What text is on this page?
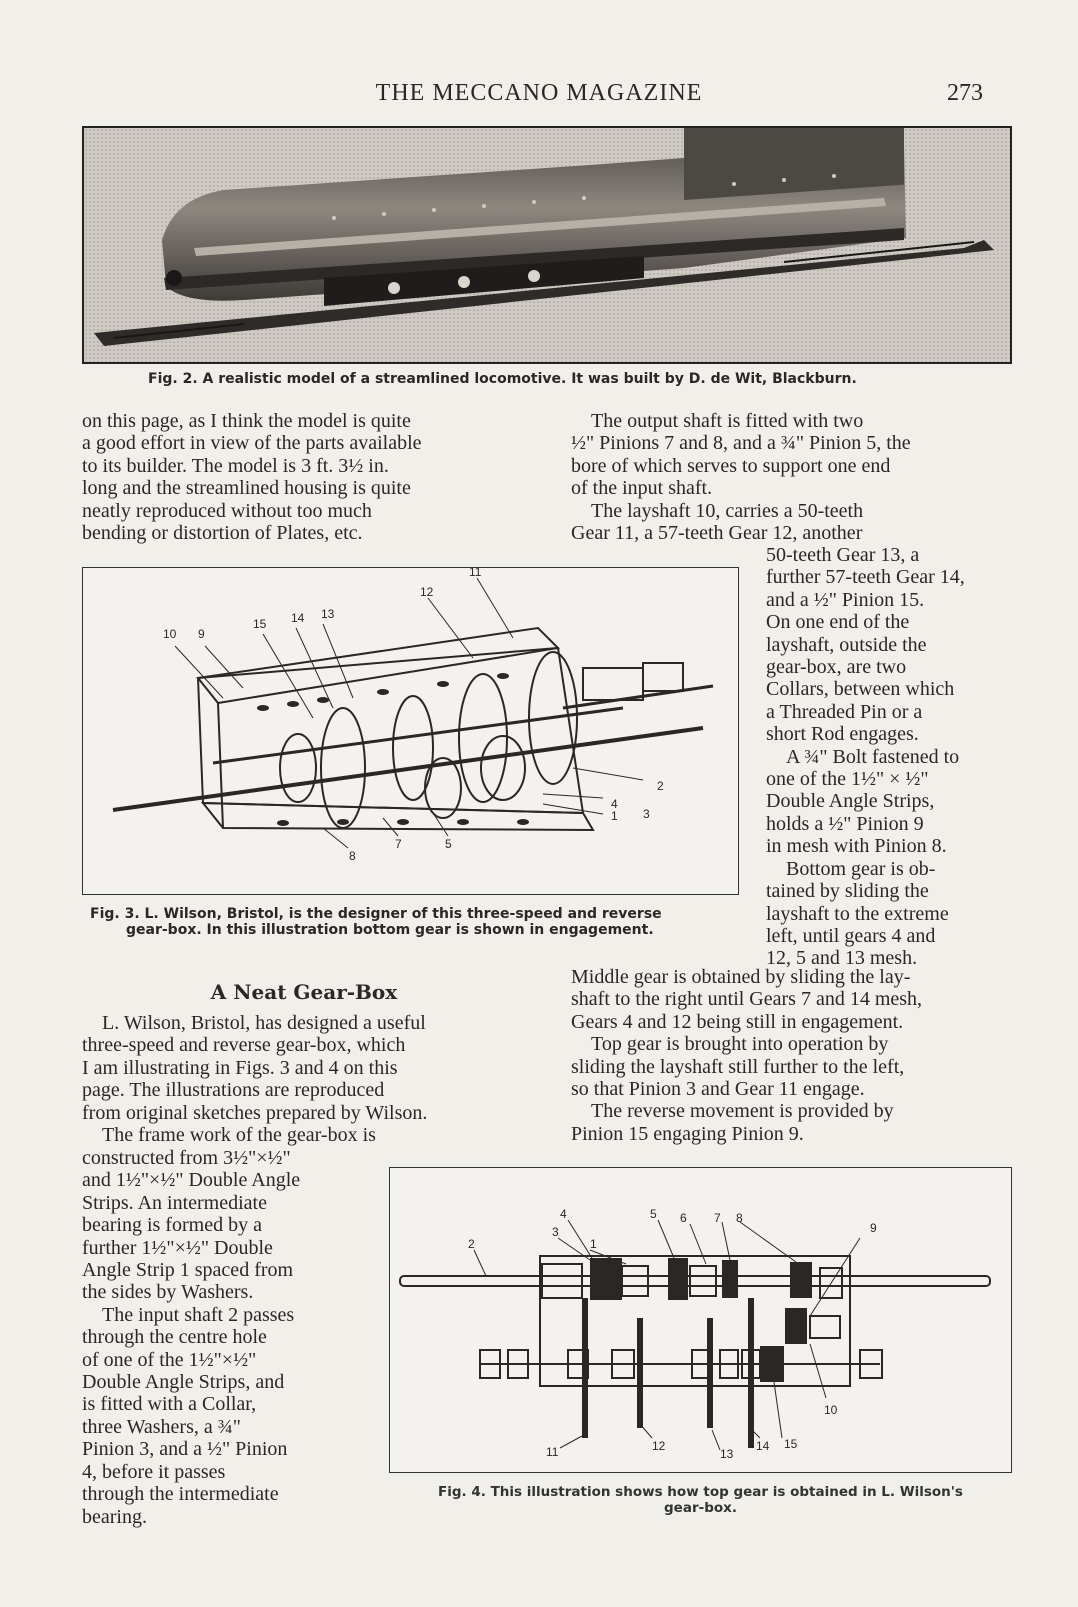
THE MECCANO MAGAZINE	273
Fig. 2. A realistic model of a streamlined locomotive. It was built by D. de Wit, Blackburn.

on this page, as I think the model is quite

a good effort in view of the parts available

to its builder. The model is 3 ft. 3½ in.

long and the streamlined housing is quite

neatly reproduced without too much

bending or distortion of Plates, etc.

The output shaft is fitted with two

½" Pinions 7 and 8, and a ¾" Pinion 5, the

bore of which serves to support one end

of the input shaft.

The layshaft 10, carries a 50-teeth

Gear 11, a 57-teeth Gear 12, another

50-teeth Gear 13, a

further 57-teeth Gear 14,

and a ½" Pinion 15.

On one end of the

layshaft, outside the

gear-box, are two

Collars, between which

a Threaded Pin or a

short Rod engages.

A ¾" Bolt fastened to

one of the 1½" × ½"

Double Angle Strips,

holds a ½" Pinion 9

in mesh with Pinion 8.

Bottom gear is ob-

tained by sliding the

layshaft to the extreme

left, until gears 4 and

12, 5 and 13 mesh.

10 9
15 14 13
12
11
2
4
1 3
8
7	5
Fig. 3. L. Wilson, Bristol, is the designer of this three-speed and reverse
gear-box. In this illustration bottom gear is shown in engagement.

Middle gear is obtained by sliding the lay-

shaft to the right until Gears 7 and 14 mesh,

Gears 4 and 12 being still in engagement.

Top gear is brought into operation by

sliding the layshaft still further to the left,

so that Pinion 3 and Gear 11 engage.

The reverse movement is provided by

Pinion 15 engaging Pinion 9.

A Neat Gear-Box

L. Wilson, Bristol, has designed a useful

three-speed and reverse gear-box, which

I am illustrating in Figs. 3 and 4 on this

page. The illustrations are reproduced

from original sketches prepared by Wilson.

The frame work of the gear-box is

constructed from 3½"×½"

and 1½"×½" Double Angle

Strips. An intermediate

bearing is formed by a

further 1½"×½" Double

Angle Strip 1 spaced from

the sides by Washers.

The input shaft 2 passes

through the centre hole

of one of the 1½"×½"

Double Angle Strips, and

is fitted with a Collar,

three Washers, a ¾"

Pinion 3, and a ½" Pinion

4, before it passes

through the intermediate

bearing.

4	5 6 7 8
9
2
3
1
10
11	12
13
14 15
Fig. 4. This illustration shows how top gear is obtained in L. Wilson's
gear-box.
